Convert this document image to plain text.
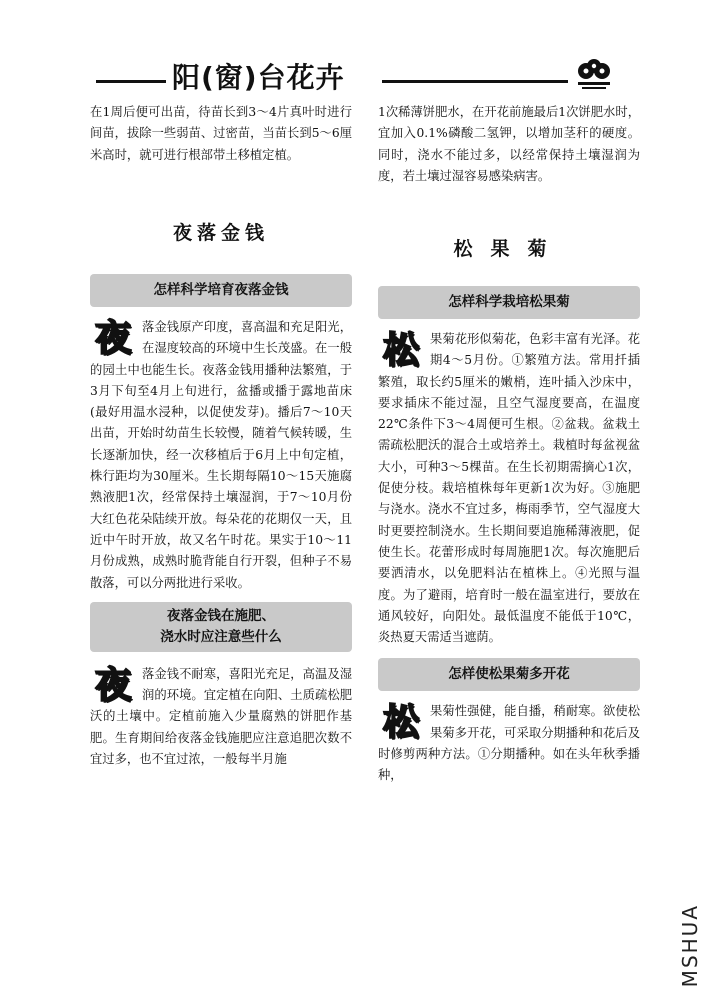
阳(窗)台花卉

在1周后便可出苗，待苗长到3～4片真叶时进行间苗，拔除一些弱苗、过密苗，当苗长到5～6厘米高时，就可进行根部带土移植定植。

夜落金钱
怎样科学培育夜落金钱
夜 落金钱原产印度，喜高温和充足阳光，在湿度较高的环境中生长茂盛。在一般的园土中也能生长。夜落金钱用播种法繁殖，于3月下旬至4月上旬进行，盆播或播于露地苗床(最好用温水浸种，以促使发芽)。播后7～10天出苗，开始时幼苗生长较慢，随着气候转暖，生长逐渐加快，经一次移植后于6月上中旬定植，株行距均为30厘米。生长期每隔10～15天施腐熟液肥1次，经常保持土壤湿润，于7～10月份大红色花朵陆续开放。每朵花的花期仅一天，且近中午时开放，故又名午时花。果实于10～11月份成熟，成熟时脆背能自行开裂，但种子不易散落，可以分两批进行采收。

夜落金钱在施肥、
浇水时应注意些什么
夜 落金钱不耐寒，喜阳光充足，高温及湿润的环境。宜定植在向阳、土质疏松肥沃的土壤中。定植前施入少量腐熟的饼肥作基肥。生育期间给夜落金钱施肥应注意追肥次数不宜过多，也不宜过浓，一般每半月施

1次稀薄饼肥水，在开花前施最后1次饼肥水时，宜加入0.1%磷酸二氢钾，以增加茎秆的硬度。同时，浇水不能过多，以经常保持土壤湿润为度，若土壤过湿容易感染病害。

松果菊
怎样科学栽培松果菊
松 果菊花形似菊花，色彩丰富有光泽。花期4～5月份。①繁殖方法。常用扦插繁殖，取长约5厘米的嫩梢，连叶插入沙床中，要求插床不能过湿，且空气湿度要高，在温度22℃条件下3～4周便可生根。②盆栽。盆栽土需疏松肥沃的混合土或培养土。栽植时每盆视盆大小，可种3～5棵苗。在生长初期需摘心1次，促使分枝。栽培植株每年更新1次为好。③施肥与浇水。浇水不宜过多，梅雨季节，空气湿度大时更要控制浇水。生长期间要追施稀薄液肥，促使生长。花蕾形成时每周施肥1次。每次施肥后要洒清水，以免肥料沾在植株上。④光照与温度。为了避雨，培育时一般在温室进行，要放在通风较好，向阳处。最低温度不能低于10℃，炎热夏天需适当遮荫。

怎样使松果菊多开花
松 果菊性强健，能自播，稍耐寒。欲使松果菊多开花，可采取分期播种和花后及时修剪两种方法。①分期播种。如在头年秋季播种，

MSHUA
